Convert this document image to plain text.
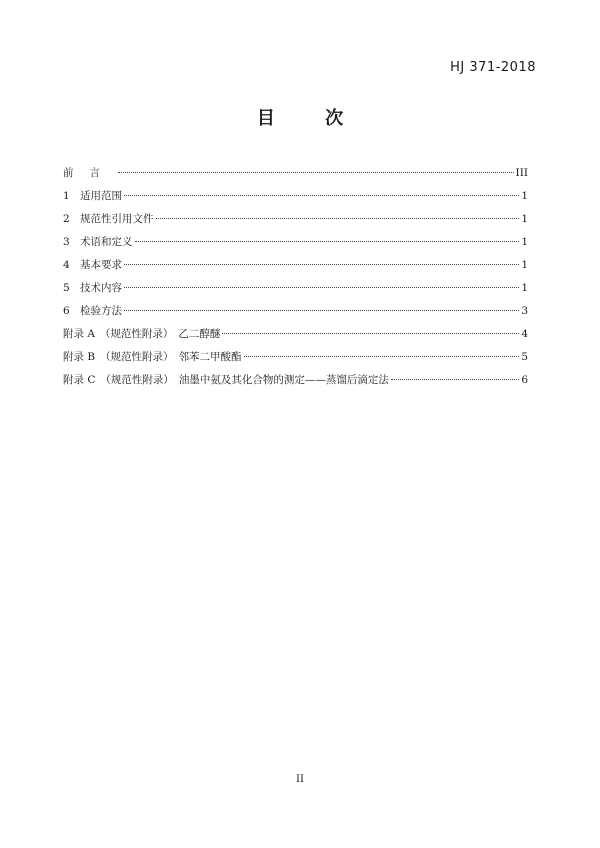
HJ 371-2018
目 次
前言	III
1 适用范围	1
2 规范性引用文件	1
3 术语和定义	1
4 基本要求	1
5 技术内容	1
6 检验方法	3
附录 A （规范性附录） 乙二醇醚	4
附录 B （规范性附录） 邻苯二甲酸酯	5
附录 C （规范性附录） 油墨中氨及其化合物的测定——蒸馏后滴定法	6
II
